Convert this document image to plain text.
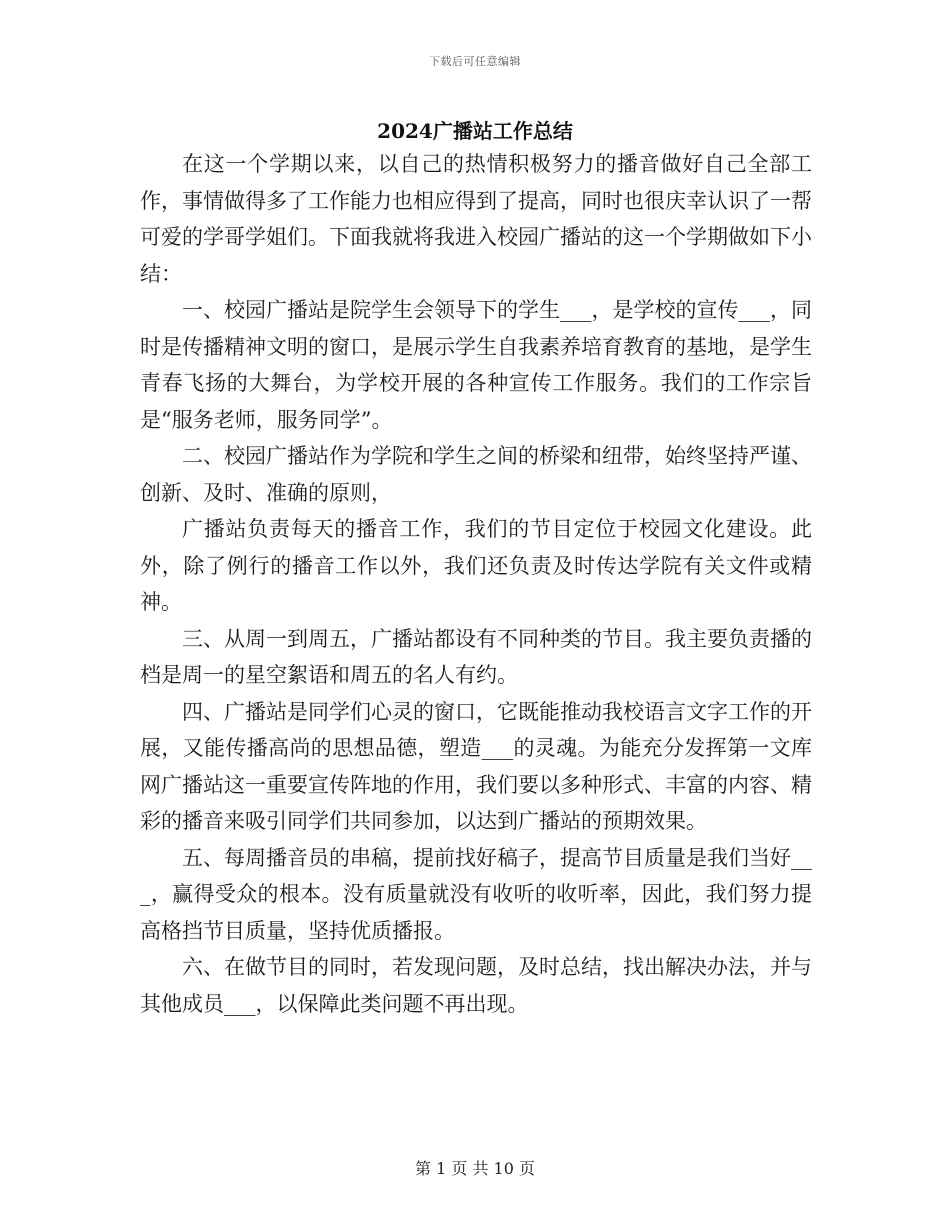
下载后可任意编辑
2024广播站工作总结

在这一个学期以来，以自己的热情积极努力的播音做好自己全部工作，事情做得多了工作能力也相应得到了提高，同时也很庆幸认识了一帮可爱的学哥学姐们。下面我就将我进入校园广播站的这一个学期做如下小结：

一、校园广播站是院学生会领导下的学生___，是学校的宣传___，同时是传播精神文明的窗口，是展示学生自我素养培育教育的基地，是学生青春飞扬的大舞台，为学校开展的各种宣传工作服务。我们的工作宗旨是“服务老师，服务同学”。

二、校园广播站作为学院和学生之间的桥梁和纽带，始终坚持严谨、创新、及时、准确的原则，

广播站负责每天的播音工作，我们的节目定位于校园文化建设。此外，除了例行的播音工作以外，我们还负责及时传达学院有关文件或精神。

三、从周一到周五，广播站都设有不同种类的节目。我主要负责播的档是周一的星空絮语和周五的名人有约。

四、广播站是同学们心灵的窗口，它既能推动我校语言文字工作的开展，又能传播高尚的思想品德，塑造___的灵魂。为能充分发挥第一文库网广播站这一重要宣传阵地的作用，我们要以多种形式、丰富的内容、精彩的播音来吸引同学们共同参加，以达到广播站的预期效果。

五、每周播音员的串稿，提前找好稿子，提高节目质量是我们当好___，赢得受众的根本。没有质量就没有收听的收听率，因此，我们努力提高格挡节目质量，坚持优质播报。

六、在做节目的同时，若发现问题，及时总结，找出解决办法，并与其他成员___，以保障此类问题不再出现。

第 1 页 共 10 页
